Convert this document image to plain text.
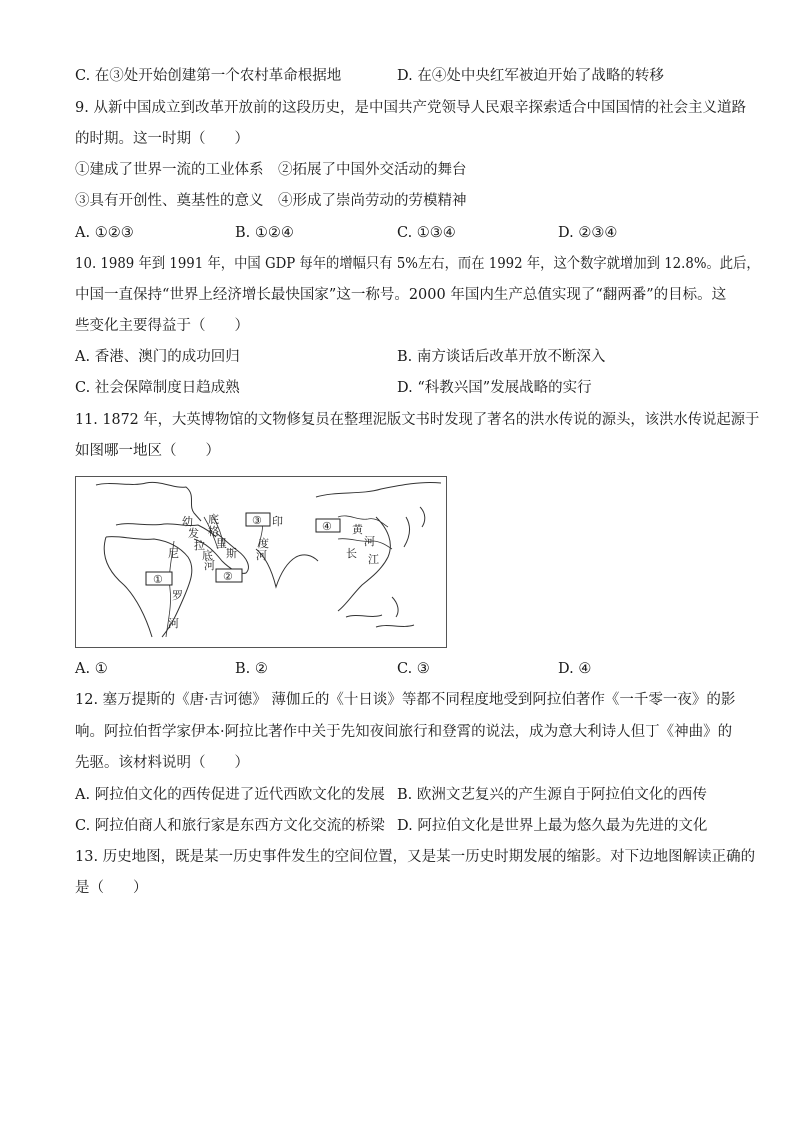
C. 在③处开始创建第一个农村革命根据地	D. 在④处中央红军被迫开始了战略的转移
9. 从新中国成立到改革开放前的这段历史，是中国共产党领导人民艰辛探索适合中国国情的社会主义道路
的时期。这一时期（　　）
①建成了世界一流的工业体系　②拓展了中国外交活动的舞台
③具有开创性、奠基性的意义　④形成了崇尚劳动的劳模精神
A. ①②③	B. ①②④	C. ①③④	D. ②③④
10. 1989 年到 1991 年，中国 GDP 每年的增幅只有 5%左右，而在 1992 年，这个数字就增加到 12.8%。此后，
中国一直保持“世界上经济增长最快国家”这一称号。2000 年国内生产总值实现了“翻两番”的目标。这
些变化主要得益于（　　）
A. 香港、澳门的成功回归	B. 南方谈话后改革开放不断深入
C. 社会保障制度日趋成熟	D. “科教兴国”发展战略的实行
11. 1872 年，大英博物馆的文物修复员在整理泥版文书时发现了著名的洪水传说的源头，该洪水传说起源于
如图哪一地区（　　）
①	②
③	④
幼
发
拉
底
底
格
里
斯
河
尼
罗
河
印
度
河
黄
河
长 江
A. ①	B. ②	C. ③	D. ④
12. 塞万提斯的《唐·吉诃德》 薄伽丘的《十日谈》等都不同程度地受到阿拉伯著作《一千零一夜》的影
响。阿拉伯哲学家伊本·阿拉比著作中关于先知夜间旅行和登霄的说法，成为意大利诗人但丁《神曲》的
先驱。该材料说明（　　）
A. 阿拉伯文化的西传促进了近代西欧文化的发展 B. 欧洲文艺复兴的产生源自于阿拉伯文化的西传
C. 阿拉伯商人和旅行家是东西方文化交流的桥梁 D. 阿拉伯文化是世界上最为悠久最为先进的文化
13. 历史地图，既是某一历史事件发生的空间位置，又是某一历史时期发展的缩影。对下边地图解读正确的
是（　　）
